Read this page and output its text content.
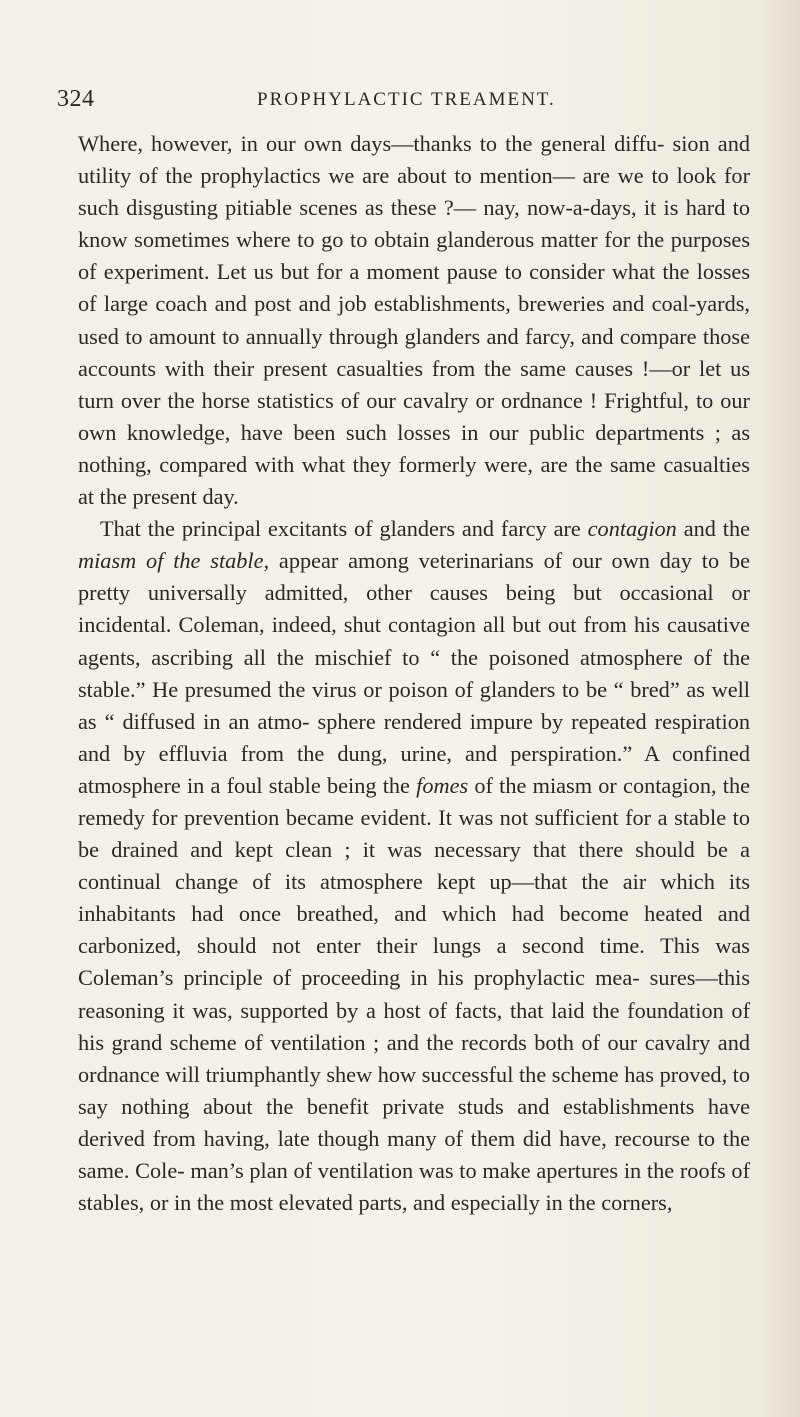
324	PROPHYLACTIC TREAMENT.

Where, however, in our own days—thanks to the general diffu- sion and utility of the prophylactics we are about to mention— are we to look for such disgusting pitiable scenes as these ?— nay, now-a-days, it is hard to know sometimes where to go to obtain glanderous matter for the purposes of experiment. Let us but for a moment pause to consider what the losses of large coach and post and job establishments, breweries and coal-yards, used to amount to annually through glanders and farcy, and compare those accounts with their present casualties from the same causes !—or let us turn over the horse statistics of our cavalry or ordnance ! Frightful, to our own knowledge, have been such losses in our public departments ; as nothing, compared with what they formerly were, are the same casualties at the present day.

That the principal excitants of glanders and farcy are contagion and the miasm of the stable, appear among veterinarians of our own day to be pretty universally admitted, other causes being but occasional or incidental. Coleman, indeed, shut contagion all but out from his causative agents, ascribing all the mischief to “ the poisoned atmosphere of the stable.” He presumed the virus or poison of glanders to be “ bred” as well as “ diffused in an atmo- sphere rendered impure by repeated respiration and by effluvia from the dung, urine, and perspiration.” A confined atmosphere in a foul stable being the fomes of the miasm or contagion, the remedy for prevention became evident. It was not sufficient for a stable to be drained and kept clean ; it was necessary that there should be a continual change of its atmosphere kept up—that the air which its inhabitants had once breathed, and which had become heated and carbonized, should not enter their lungs a second time. This was Coleman’s principle of proceeding in his prophylactic mea- sures—this reasoning it was, supported by a host of facts, that laid the foundation of his grand scheme of ventilation ; and the records both of our cavalry and ordnance will triumphantly shew how successful the scheme has proved, to say nothing about the benefit private studs and establishments have derived from having, late though many of them did have, recourse to the same. Cole- man’s plan of ventilation was to make apertures in the roofs of stables, or in the most elevated parts, and especially in the corners,
